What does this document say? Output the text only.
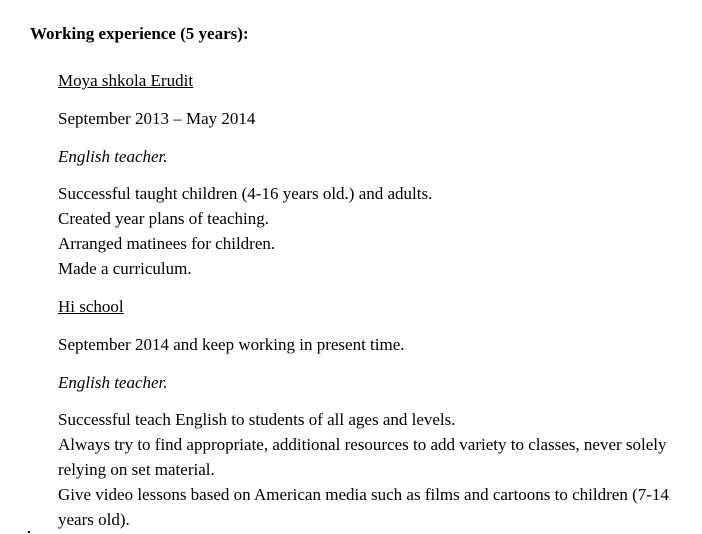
Working experience (5 years):
Moya shkola Erudit
September 2013 – May 2014
English teacher.
Successful taught children (4-16 years old.) and adults.
Created year plans of teaching.
Arranged matinees for children.
Made a curriculum.
Hi school
September 2014 and keep working in present time.
English teacher.
Successful teach English to students of all ages and levels.
Always try to find appropriate, additional resources to add variety to classes, never solely relying on set material.
Give video lessons based on American media such as films and cartoons to children (7-14 years old).
